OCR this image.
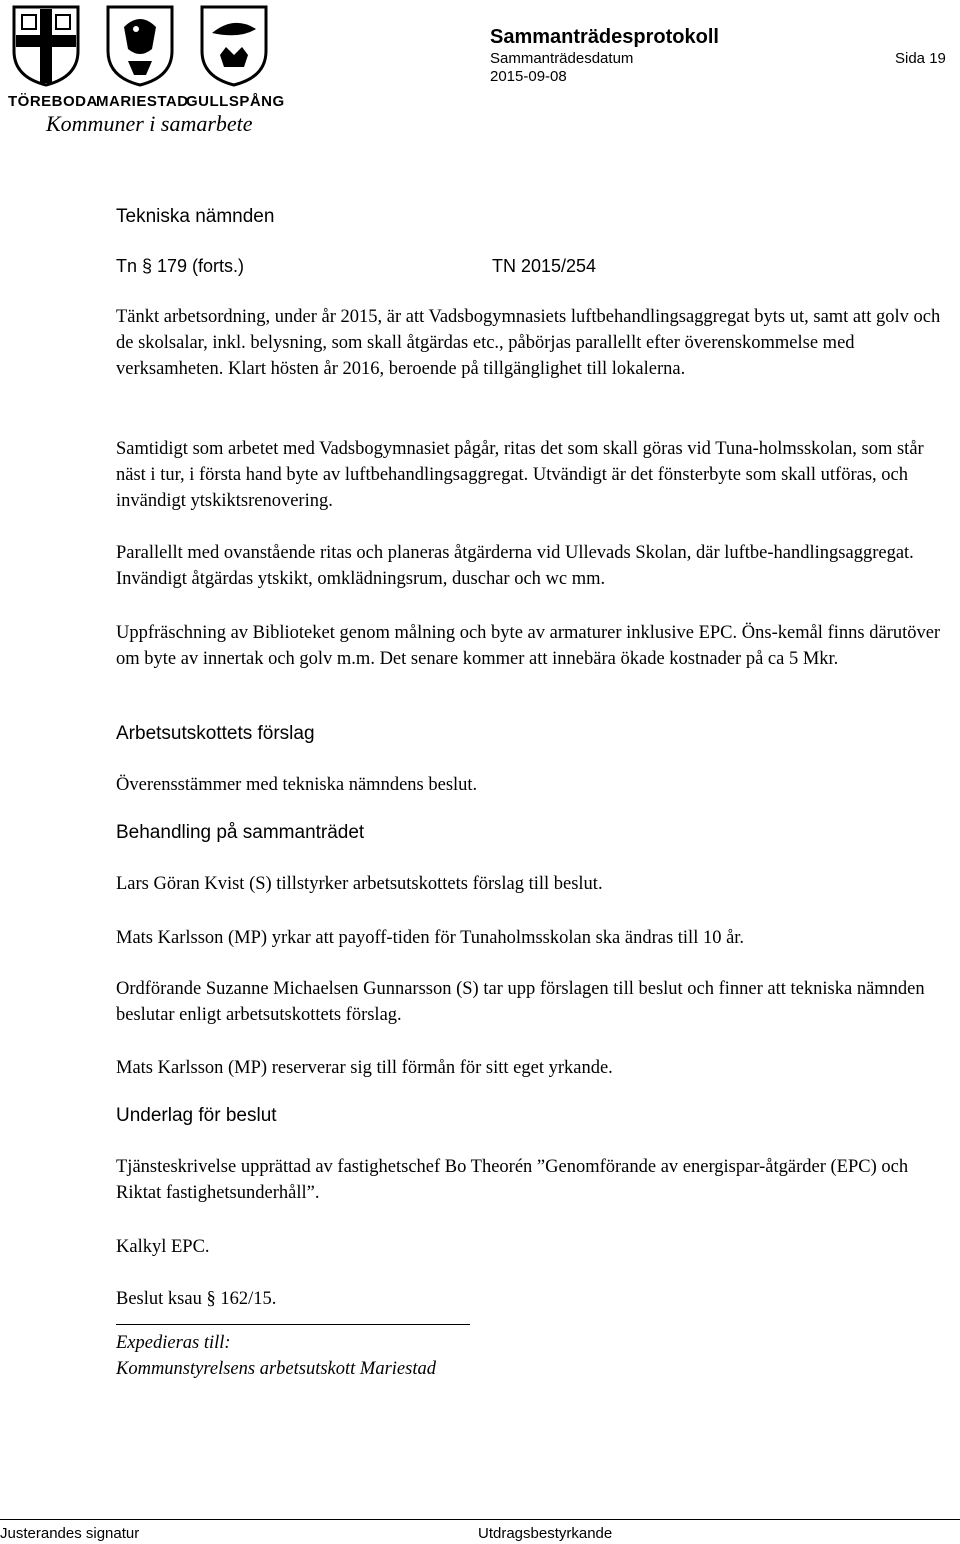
TÖREBODA
MARIESTAD
GULLSPÅNG
Kommuner i samarbete
Sammanträdesprotokoll
Sammanträdesdatum
2015-09-08
Sida 19
Tekniska nämnden
Tn § 179 (forts.)	TN 2015/254

Tänkt arbetsordning, under år 2015, är att Vadsbogymnasiets luftbehandlingsaggregat byts ut, samt att golv och de skolsalar, inkl. belysning, som skall åtgärdas etc., påbörjas parallellt efter överenskommelse med verksamheten. Klart hösten år 2016, beroende på tillgänglighet till lokalerna.

Samtidigt som arbetet med Vadsbogymnasiet pågår, ritas det som skall göras vid Tuna-holmsskolan, som står näst i tur, i första hand byte av luftbehandlingsaggregat. Utvändigt är det fönsterbyte som skall utföras, och invändigt ytskiktsrenovering.

Parallellt med ovanstående ritas och planeras åtgärderna vid Ullevads Skolan, där luftbe-handlingsaggregat. Invändigt åtgärdas ytskikt, omklädningsrum, duschar och wc mm.

Uppfräschning av Biblioteket genom målning och byte av armaturer inklusive EPC. Öns-kemål finns därutöver om byte av innertak och golv m.m. Det senare kommer att innebära ökade kostnader på ca 5 Mkr.

Arbetsutskottets förslag

Överensstämmer med tekniska nämndens beslut.

Behandling på sammanträdet

Lars Göran Kvist (S) tillstyrker arbetsutskottets förslag till beslut.

Mats Karlsson (MP) yrkar att payoff-tiden för Tunaholmsskolan ska ändras till 10 år.

Ordförande Suzanne Michaelsen Gunnarsson (S) tar upp förslagen till beslut och finner att tekniska nämnden beslutar enligt arbetsutskottets förslag.

Mats Karlsson (MP) reserverar sig till förmån för sitt eget yrkande.

Underlag för beslut

Tjänsteskrivelse upprättad av fastighetschef Bo Theorén ”Genomförande av energispar-åtgärder (EPC) och Riktat fastighetsunderhåll”.

Kalkyl EPC.

Beslut ksau § 162/15.

Expedieras till:

Kommunstyrelsens arbetsutskott Mariestad

Justerandes signatur	Utdragsbestyrkande
